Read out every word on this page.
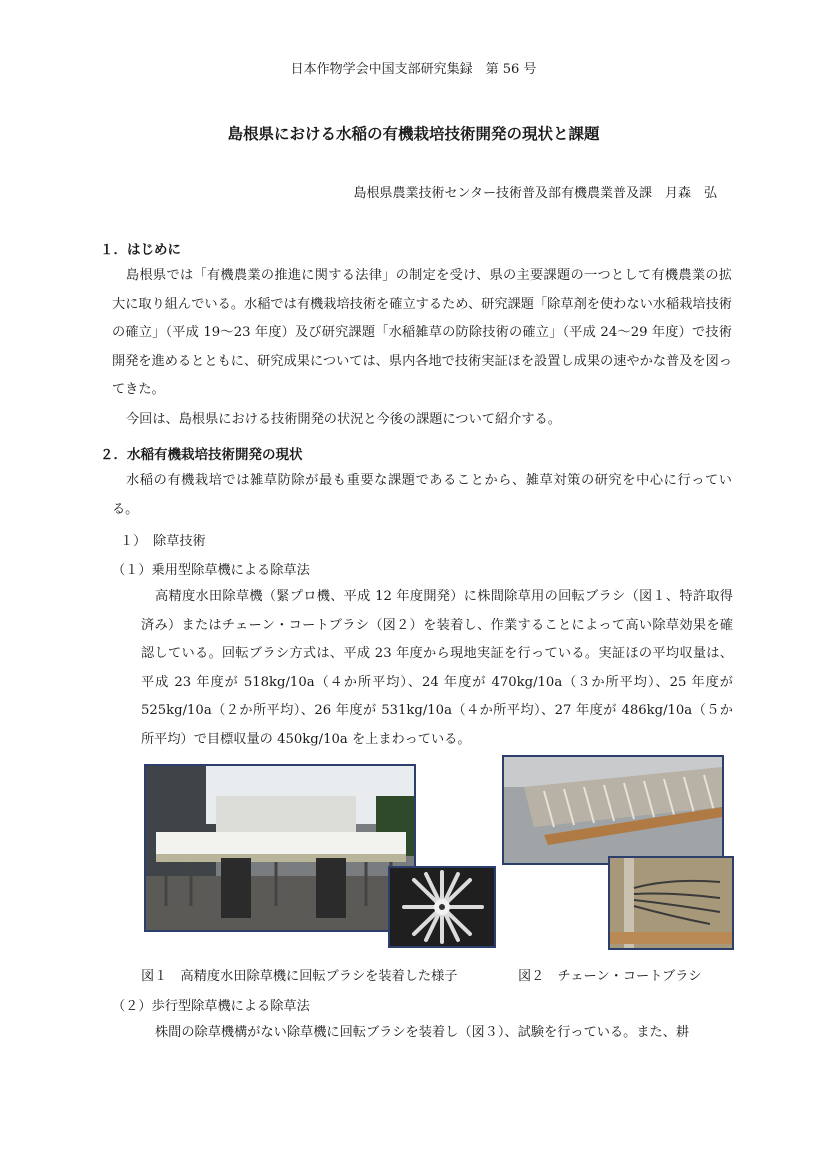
日本作物学会中国支部研究集録　第 56 号
島根県における水稲の有機栽培技術開発の現状と課題
島根県農業技術センター技術普及部有機農業普及課　月森　弘
１．はじめに
島根県では「有機農業の推進に関する法律」の制定を受け、県の主要課題の一つとして有機農業の拡大に取り組んでいる。水稲では有機栽培技術を確立するため、研究課題「除草剤を使わない水稲栽培技術の確立」（平成 19～23 年度）及び研究課題「水稲雑草の防除技術の確立」（平成 24～29 年度）で技術開発を進めるとともに、研究成果については、県内各地で技術実証ほを設置し成果の速やかな普及を図ってきた。
今回は、島根県における技術開発の状況と今後の課題について紹介する。
２．水稲有機栽培技術開発の現状
水稲の有機栽培では雑草防除が最も重要な課題であることから、雑草対策の研究を中心に行っている。
１）　除草技術
（１）乗用型除草機による除草法
高精度水田除草機（緊プロ機、平成 12 年度開発）に株間除草用の回転ブラシ（図１、特許取得済み）またはチェーン・コートブラシ（図２）を装着し、作業することによって高い除草効果を確認している。回転ブラシ方式は、平成 23 年度から現地実証を行っている。実証ほの平均収量は、平成 23 年度が 518kg/10a（４か所平均）、24 年度が 470kg/10a（３か所平均）、25 年度が 525kg/10a（２か所平均）、26 年度が 531kg/10a（４か所平均）、27 年度が 486kg/10a（５か所平均）で目標収量の 450kg/10a を上まわっている。
図１　高精度水田除草機に回転ブラシを装着した様子	図２　チェーン・コートブラシ
（２）歩行型除草機による除草法
株間の除草機構がない除草機に回転ブラシを装着し（図３）、試験を行っている。また、耕
